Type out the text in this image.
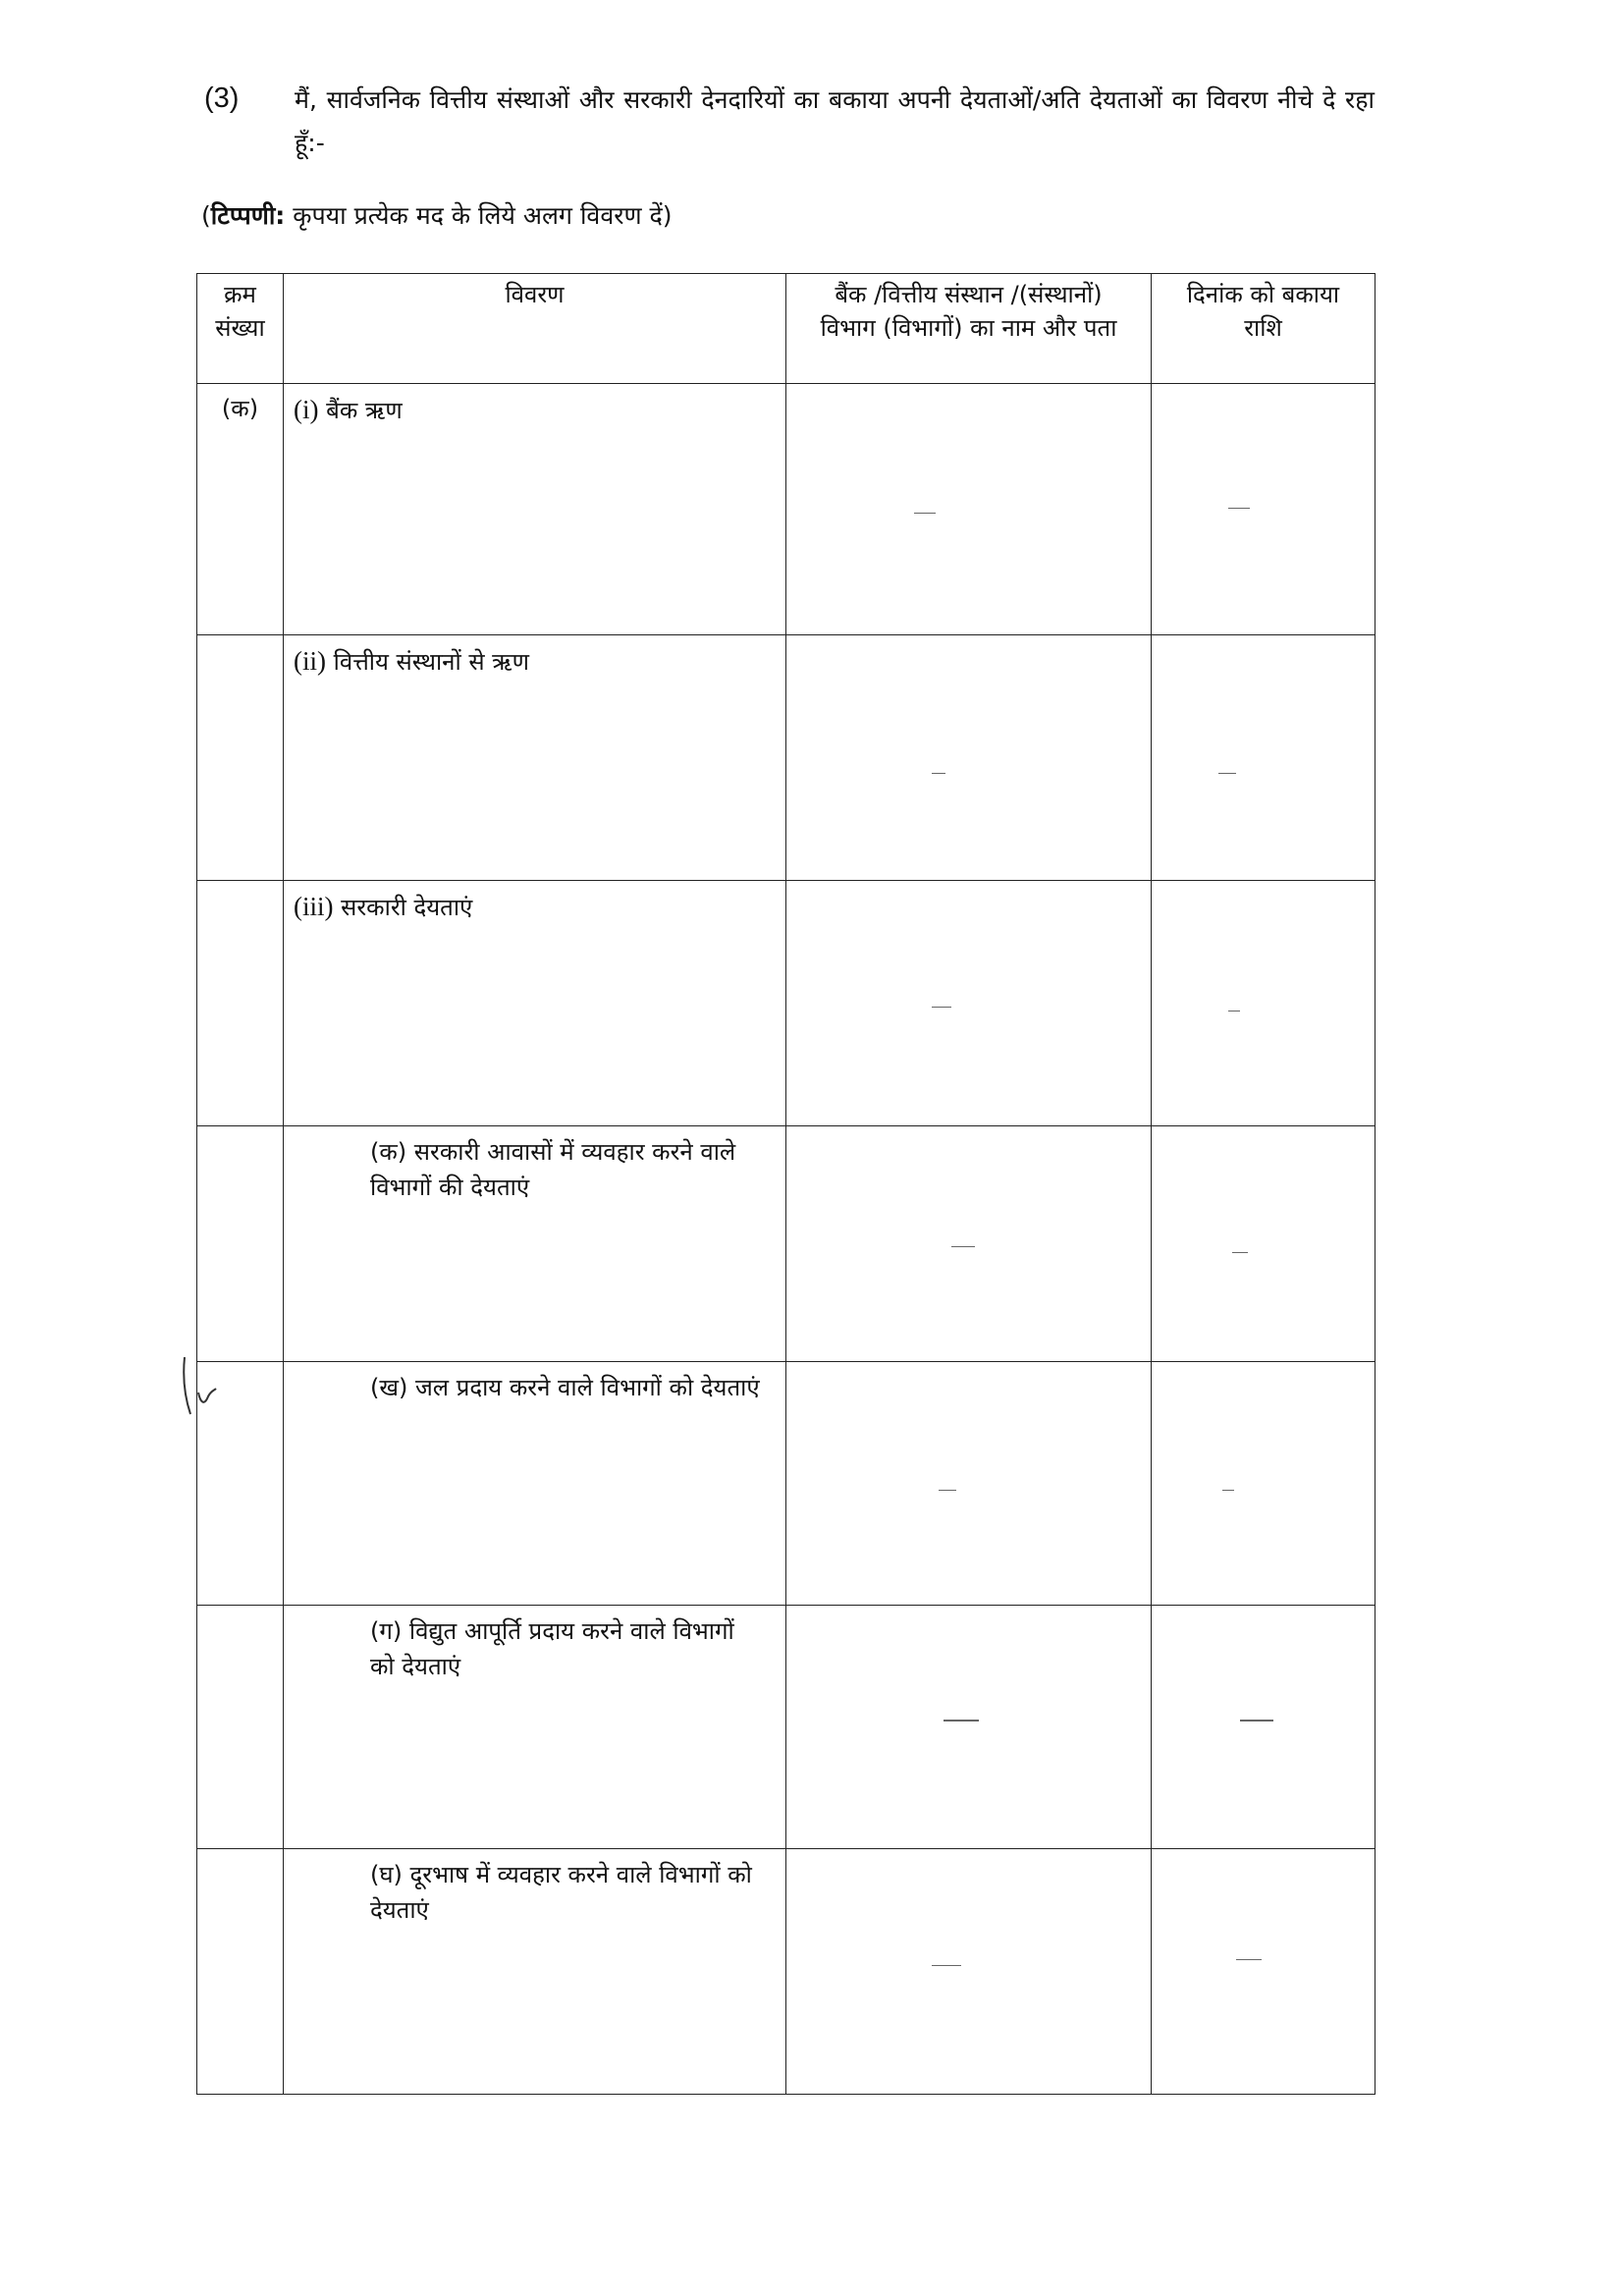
(3) मैं, सार्वजनिक वित्तीय संस्थाओं और सरकारी देनदारियों का बकाया अपनी देयताओं/अति देयताओं का विवरण नीचे दे रहा हूँ:-
(टिप्पणी: कृपया प्रत्येक मद के लिये अलग विवरण दें)
क्रम संख्या	विवरण	बैंक /वित्तीय संस्थान /(संस्थानों) विभाग (विभागों) का नाम और पता	दिनांक को बकाया राशि
(क)	(i) बैंक ऋण	

	(ii) वित्तीय संस्थानों से ऋण	

	(iii) सरकारी देयताएं	

	(क) सरकारी आवासों में व्यवहार करने वाले विभागों की देयताएं	

	(ख) जल प्रदाय करने वाले विभागों को देयताएं	

	(ग) विद्युत आपूर्ति प्रदाय करने वाले विभागों को देयताएं	

	(घ) दूरभाष में व्यवहार करने वाले विभागों को देयताएं	
